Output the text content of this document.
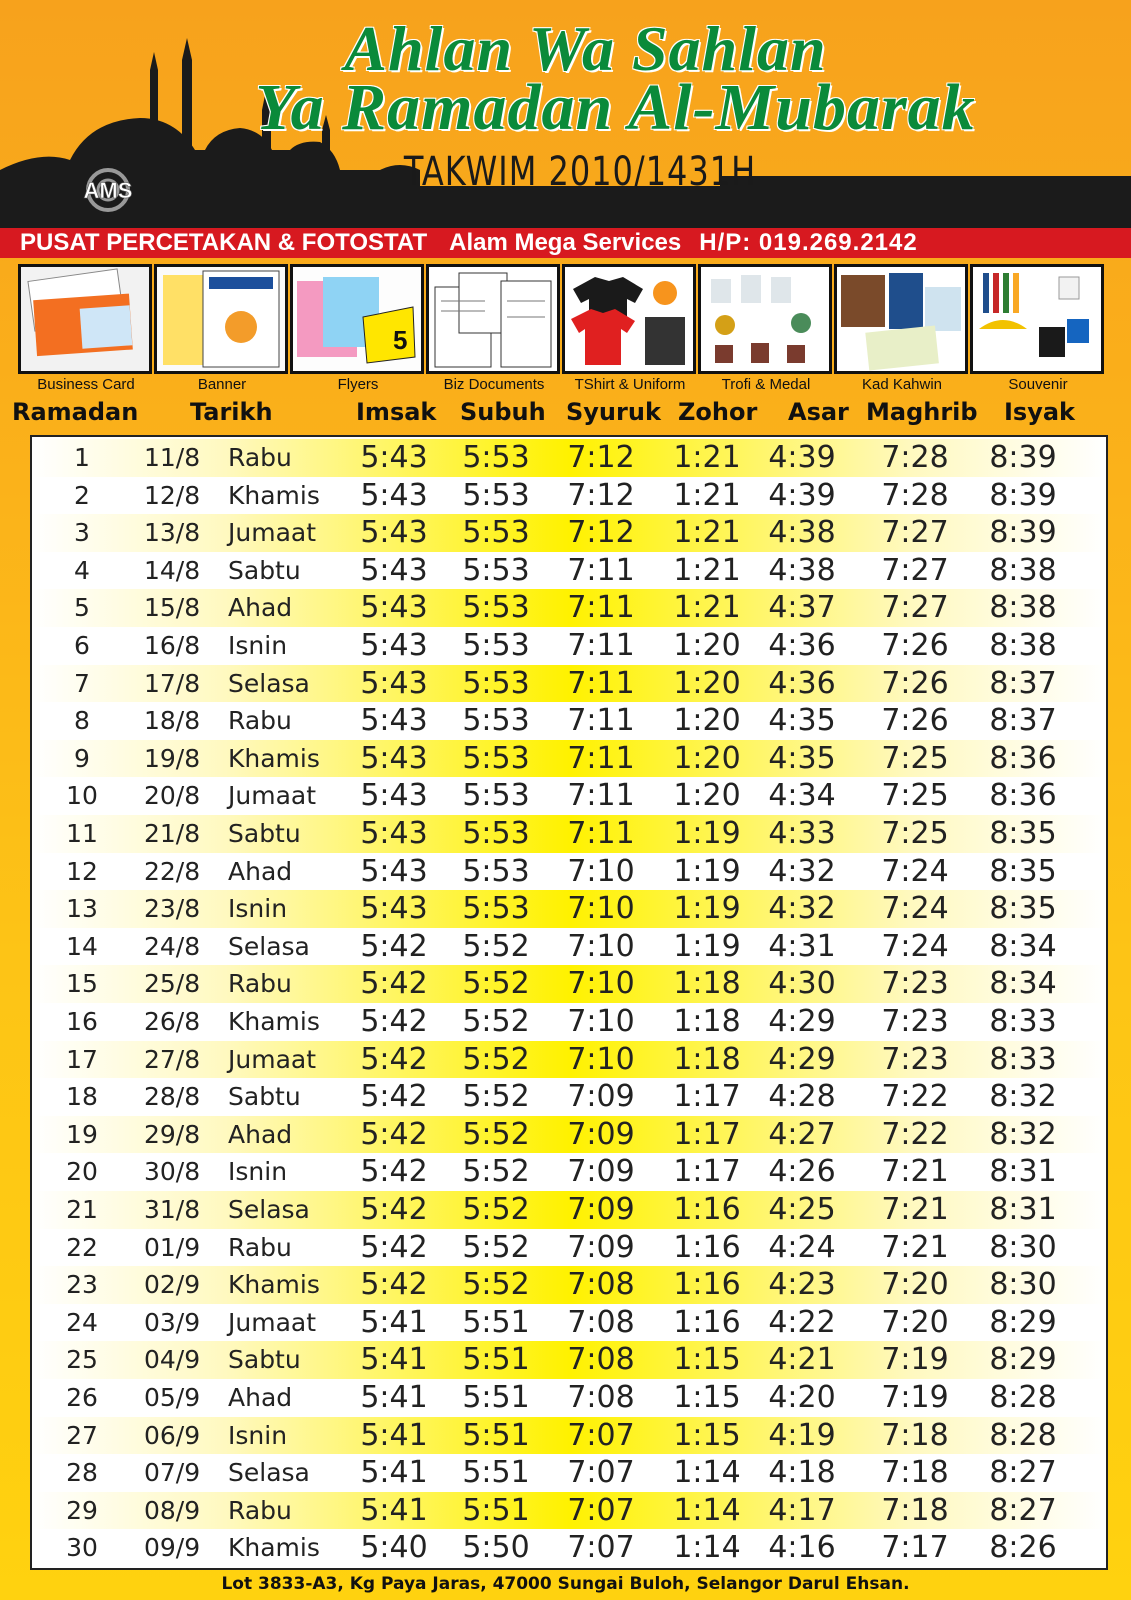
Ahlan Wa Sahlan
Ya Ramadan Al-Mubarak
TAKWIM 2010/1431H
AMS
PUSAT PERCETAKAN & FOTOSTAT Alam Mega Services H/P: 019.269.2142
Business Card	Banner
5
Flyers	Biz Documents	TShirt & Uniform	Trofi & Medal	Kad Kahwin	Souvenir
Ramadan Tarikh	Imsak Subuh Syuruk Zohor Asar Maghrib Isyak
1	11/8 Rabu	5:43	5:53	7:12	1:21 4:39	7:28	8:39
2	12/8 Khamis	5:43	5:53	7:12	1:21 4:39	7:28	8:39
3	13/8 Jumaat	5:43	5:53	7:12	1:21 4:38	7:27	8:39
4	14/8 Sabtu	5:43	5:53	7:11	1:21 4:38	7:27	8:38
5	15/8 Ahad	5:43	5:53	7:11	1:21 4:37	7:27	8:38
6	16/8 Isnin	5:43	5:53	7:11	1:20 4:36	7:26	8:38
7	17/8 Selasa	5:43	5:53	7:11	1:20 4:36	7:26	8:37
8	18/8 Rabu	5:43	5:53	7:11	1:20 4:35	7:26	8:37
9	19/8 Khamis	5:43	5:53	7:11	1:20 4:35	7:25	8:36
10	20/8 Jumaat	5:43	5:53	7:11	1:20 4:34	7:25	8:36
11	21/8 Sabtu	5:43	5:53	7:11	1:19 4:33	7:25	8:35
12	22/8 Ahad	5:43	5:53	7:10	1:19 4:32	7:24	8:35
13	23/8 Isnin	5:43	5:53	7:10	1:19 4:32	7:24	8:35
14	24/8 Selasa	5:42	5:52	7:10	1:19 4:31	7:24	8:34
15	25/8 Rabu	5:42	5:52	7:10	1:18 4:30	7:23	8:34
16	26/8 Khamis	5:42	5:52	7:10	1:18 4:29	7:23	8:33
17	27/8 Jumaat	5:42	5:52	7:10	1:18 4:29	7:23	8:33
18	28/8 Sabtu	5:42	5:52	7:09	1:17 4:28	7:22	8:32
19	29/8 Ahad	5:42	5:52	7:09	1:17 4:27	7:22	8:32
20	30/8 Isnin	5:42	5:52	7:09	1:17 4:26	7:21	8:31
21	31/8 Selasa	5:42	5:52	7:09	1:16 4:25	7:21	8:31
22	01/9 Rabu	5:42	5:52	7:09	1:16 4:24	7:21	8:30
23	02/9 Khamis	5:42	5:52	7:08	1:16 4:23	7:20	8:30
24	03/9 Jumaat	5:41	5:51	7:08	1:16 4:22	7:20	8:29
25	04/9 Sabtu	5:41	5:51	7:08	1:15 4:21	7:19	8:29
26	05/9 Ahad	5:41	5:51	7:08	1:15 4:20	7:19	8:28
27	06/9 Isnin	5:41	5:51	7:07	1:15 4:19	7:18	8:28
28	07/9 Selasa	5:41	5:51	7:07	1:14 4:18	7:18	8:27
29	08/9 Rabu	5:41	5:51	7:07	1:14 4:17	7:18	8:27
30	09/9 Khamis	5:40	5:50	7:07	1:14 4:16	7:17	8:26
Lot 3833-A3, Kg Paya Jaras, 47000 Sungai Buloh, Selangor Darul Ehsan.
